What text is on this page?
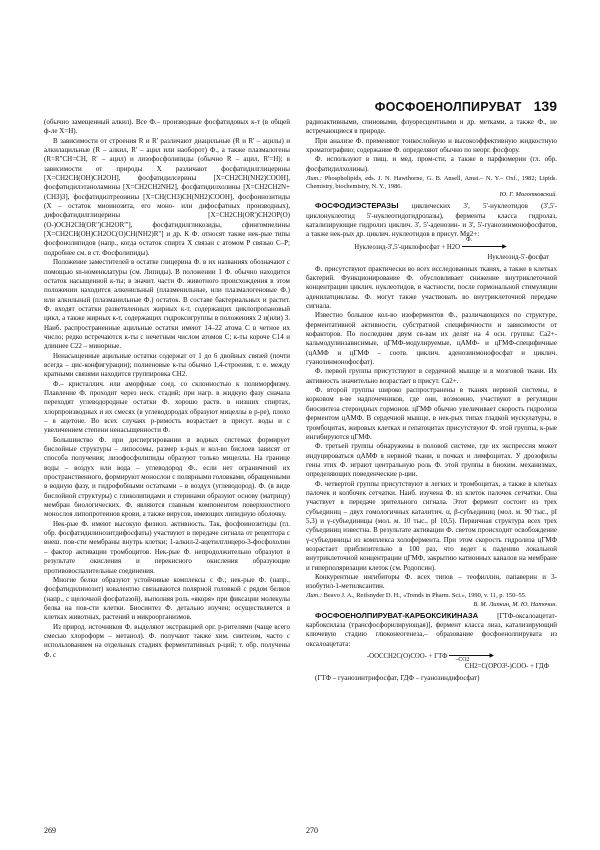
ФОСФОЕНОЛПИРУВАТ 139

(обычно замещенный алкил). Все Ф.– производные фосфатидовых к-т (в общей ф-ле Х=H).

В зависимости от строения R и R' различают диацильные (R и R' – ацилы) и алкилацильные (R – алкил, R' – ацил или наоборот) Ф., а также плазмалогены (R=R"CH=CH, R' – ацил) и лизофосфолипиды (обычно R – ацил, R'=H); в зависимости от природы X различают фосфатидилглицерины [X=CH2CH(OH)CH2OH], фосфатидилсерины [X=CH2CH(NH2)COOH], фосфатидилэтаноламины [X=CH2CH2NH2], фосфатидилхолины [X=CH2CH2N+(CH3)3], фосфатидилтреонины [X=CH(CH3)CH(NH2)COOH], фосфоинозитиды (X – остаток миоинозита, его моно- или дифосфатных производных), дифосфатидилглицерины [X=CH2CH(OR')CH2OP(O)(O-)OCH2CH(OR")CH2OR"'], фосфатидилгликозиды, сфингомиелины [X=CH2CH(OH)CH2OC(O)CH(NH2)R"] и др. К Ф. относят также нек-рые типы фосфонолипидов (напр., когда остаток спирта X связан с атомом P связью C–P; подробнее см. в ст. Фосфолипиды).

Положение заместителей в остатке глицерина Ф. в их названиях обозначают с помощью sn-номенклатуры (см. Липиды). В положении 1 Ф. обычно находится остаток насыщенной к-ты; в значит. части Ф. животного происхождения в этом положении находится алкенильный (плазменильные, или плазмалогеновые Ф.) или алкильный (плазманильные Ф.) остаток. В составе бактериальных и растит. Ф. входят остатки разветвленных жирных к-т, содержащих циклопропановый цикл, а также жирных к-т, содержащих гидроксигруппы в положениях 2 и(или) 3. Наиб. распространенные ацильные остатки имеют 14–22 атома С в четное их число; редко встречаются к-ты с нечетным числом атомов С; к-ты короче C14 и длиннее C22 – минорные.

Ненасыщенные ацильные остатки содержат от 1 до 6 двойных связей (почти всегда – цис-конфигурации); полиеновые к-ты обычно 1,4-строения, т. е. между кратными связями находится группировка CH2.

Ф.– кристаллич. или аморфные соед. со склонностью к полиморфизму. Плавление Ф. проходит через неск. стадий; при нагр. в жидкую фазу сначала переходят углеводородные остатки Ф. хорошо раств. в низших спиртах, хлорпроизводных и их смесях (в углеводородах образуют мицеллы в р-ре), плохо – в ацетоне. Во всех случаях р-римость возрастает в присут. воды и с увеличением степени ненасыщенности Ф.

Большинство Ф. при диспергировании в водных системах формирует бислойные структуры – липосомы, размер к-рых и кол-во бислоев зависят от способа получения; лизофосфолипиды образуют только мицеллы. На границе воды – воздух или вода – углеводород Ф., если нет ограничений их пространственного, формируют монослои с полярными головками, обращенными в водную фазу, и гидрофобными остатками – в воздух (углеводород). Ф. (в виде бислойной структуры) с гликолипидами и стеринами образуют основу (матрицу) мембран биологических. Ф. являются главным компонентом поверхностного монослоя липопротеинов крови, а также вирусов, имеющих липидную оболочку.

Нек-рые Ф. имеют высокую физиол. активность. Так, фосфоинозитиды (гл. обр. фосфатидилинозитдифосфаты) участвуют в передаче сигнала от рецептора с внеш. пов-сти мембраны внутрь клетки; 1-алкил-2-ацетилглицеро-3-фосфохолин – фактор активации тромбоцитов. Нек-рые Ф. непродолжительно образуют в результате окисления и перекисного окисления образующие противовоспалительные соединения.

Многие белки образуют устойчивые комплексы с Ф.; нек-рые Ф. (напр., фосфатидилинозит) ковалентно связываются полярной головкой с рядом белков (напр., с щелочной фосфатазой), выполняя роль «якоря» при фиксации молекулы белка на пов-сти клетки. Биосинтез Ф. детально изучен; осуществляется в клетках животных, растений и микроорганизмов.

Из природ. источников Ф. выделяют экстракцией орг. р-рителями (чаще всего смесью хлороформ – метанол). Ф. получают также хим. синтезом, часто с использованием на отдельных стадиях ферментативных р-ций; т. обр. получены Ф. с

радиоактивными, спиновыми, флуоресцентными и др. метками, а также Ф., не встречающиеся в природе.

При анализе Ф. применяют тонкослойную и высокоэффективную жидкостную хроматографию; содержание Ф. определяют обычно по неорг. фосфору.

Ф. используют в пищ. и мед. пром-сти, а также в парфюмерии (гл. обр. фосфатидилхолины).

Лит.: Phospholipids, eds. J. N. Hawthorne, G. B. Ansell, Amst.– N. Y.– Oxf., 1982; Lipids. Chemistry, biochemistry, N. Y., 1986.
Ю. Г. Молотковский.

ФОСФОДИЭСТЕРАЗЫ циклических 3', 5'-нуклеотидов (3',5'-циклонуклеотид 5'-нуклеотидогидролазы), ферменты класса гидролаз, катализирующие гидролиз циклич. 3', 5'-аденозин- и 3', 5'-гуанозинмонофосфатов, а также нек-рых др. циклич. нуклеотидов в присут. Mg2+:

Нуклеозид-3',5'-циклофосфат + H2O
Ф.
▶
Нуклеозид-5'-фосфат

Ф. присутствуют практически во всех исследованных тканях, а также в клетках бактерий. Функционирование Ф. обусловливает снижение внутриклеточной концентрации циклич. нуклеотидов, в частности, после гормональной стимуляции аденилатциклазы. Ф. могут также участвовать во внутриклеточной передаче сигнала.

Известно большое кол-во изоферментов Ф., различающихся по структуре, ферментативной активности, субстратной специфичности и зависимости от кофакторов. По последним двум св-вам их делят на 4 осн. группы: Ca2+-кальмодулинзависимые, цГМФ-модулируемые, цАМФ- и цГМФ-специфичные (цАМФ и цГМФ – соотв. циклич. аденозинмонофосфат и циклич. гуанозинмонофосфат).

Ф. первой группы присутствуют в сердечной мышце и в мозговой ткани. Их активность значительно возрастает в присут. Ca2+.

Ф. второй группы широко распространены в тканях нервной системы, в корковом в-ве надпочечников, где они, возможно, участвуют в регуляции биосинтеза стероидных гормонов. цГМФ обычно увеличивает скорость гидролиза ферментом цАМФ. В сердечной мышце, в нек-рых типах гладкой мускулатуры, в тромбоцитах, жировых клетках и гепатоцитах присутствуют Ф. этой группы, к-рые ингибируются цГМФ.

Ф. третьей группы обнаружены в половой системе, где их экспрессия может индуцироваться цАМФ в нервной ткани, в почках и лимфоцитах. У дрозофилы гены этих Ф. играют центральную роль Ф. этой группы в биохим. механизмах, определяющих поведенческие р-ции.

Ф. четвертой группы присутствуют в легких и тромбоцитах, а также в клетках палочек и колбочек сетчатки. Наиб. изучена Ф. из клеток палочек сетчатки. Она участвует в передаче зрительного сигнала. Этот фермент состоит из трех субъединиц – двух гомологичных каталитич. α, β-субъединиц (мол. м. 90 тыс., pI 5,3) и γ-субъединицы (мол. м. 10 тыс., pI 10,5). Первичная структура всех трех субъединиц известна. В результате активации Ф. светом происходит освобождение γ-субъединицы из комплекса холофермента. При этом скорость гидролиза цГМФ возрастает приблизительно в 100 раз, что ведет к падению локальной внутриклеточной концентрации цГМФ, закрытию катионных каналов на мембране и гиперполяризации клеток (см. Родопсин).

Конкурентные ингибиторы Ф. всех типов – теофиллин, папаверин и 3-изобутил-1-метилксантин.

Лит.: Beavo J. A., Reifsnyder D. H., «Trends in Pharm. Sci.», 1990, v. 11, p. 150–55.
В. М. Липкин, М. Ю. Наточин.

ФОСФОЕНОЛПИРУВАТ-КАРБОКСИКИНАЗА	[ГТФ-оксалоацетат-карбоксилаза (трансфосфорилирующая)], фермент класса лиаз, катализирующий ключевую стадию глюконеогенеза,– образование фосфоенолпирувата из оксалоацетата:

-OOCCH2C(O)COO- + ГТФ	▶
–CO2
CH2=C(OPO3²-)COO- + ГДФ

(ГТФ – гуанозинтрифосфат, ГДФ – гуанозиндифосфат)

269	270
